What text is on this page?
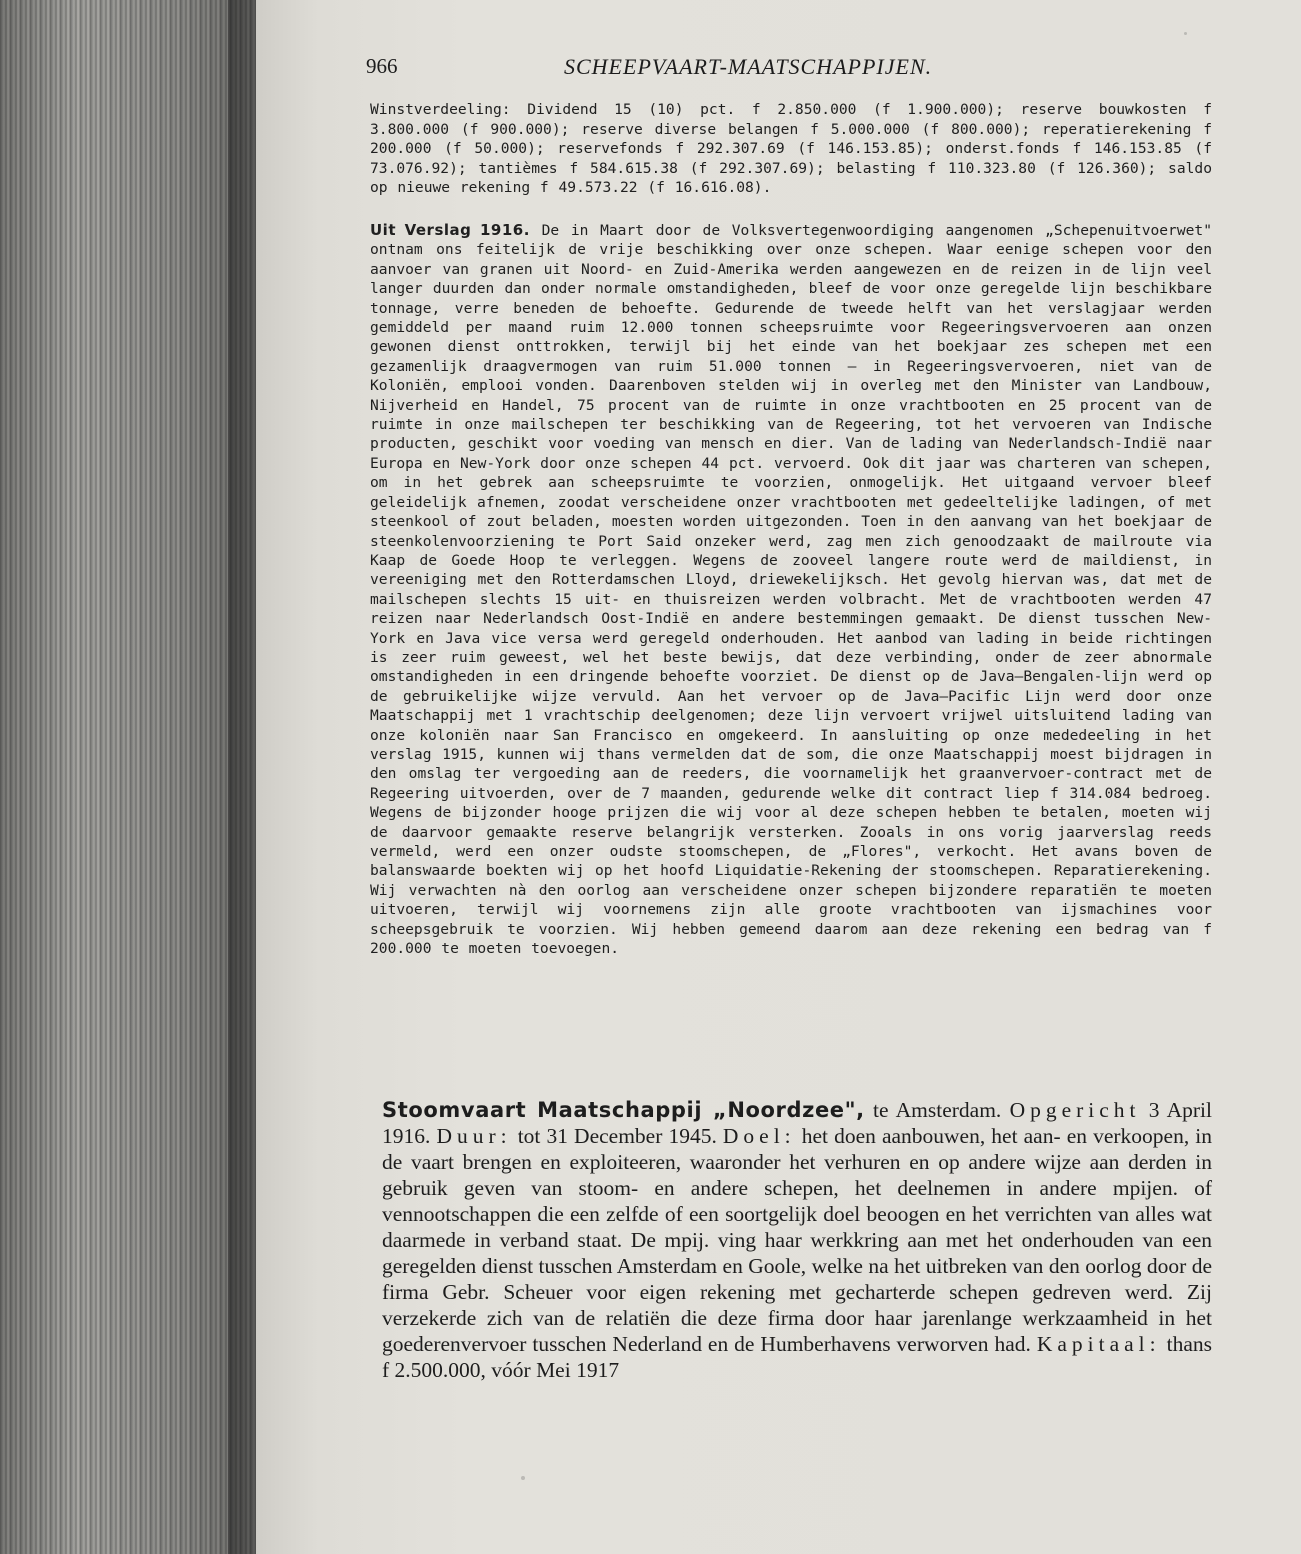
966	SCHEEPVAART-MAATSCHAPPIJEN.
Winstverdeeling: Dividend 15 (10) pct. f 2.850.000 (f 1.900.000); reserve bouwkosten f 3.800.000 (f 900.000); reserve diverse belangen f 5.000.000 (f 800.000); reperatierekening f 200.000 (f 50.000); reservefonds f 292.307.69 (f 146.153.85); onderst.fonds f 146.153.85 (f 73.076.92); tantièmes f 584.615.38 (f 292.307.69); belasting f 110.323.80 (f 126.360); saldo op nieuwe rekening f 49.573.22 (f 16.616.08).
Uit Verslag 1916. De in Maart door de Volksvertegenwoordiging aangenomen „Schepenuitvoerwet" ontnam ons feitelijk de vrije beschikking over onze schepen. Waar eenige schepen voor den aanvoer van granen uit Noord- en Zuid-Amerika werden aangewezen en de reizen in de lijn veel langer duurden dan onder normale omstandigheden, bleef de voor onze geregelde lijn beschikbare tonnage, verre beneden de behoefte. Gedurende de tweede helft van het verslagjaar werden gemiddeld per maand ruim 12.000 tonnen scheepsruimte voor Regeeringsvervoeren aan onzen gewonen dienst onttrokken, terwijl bij het einde van het boekjaar zes schepen met een gezamenlijk draagvermogen van ruim 51.000 tonnen — in Regeeringsvervoeren, niet van de Koloniën, emplooi vonden. Daarenboven stelden wij in overleg met den Minister van Landbouw, Nijverheid en Handel, 75 procent van de ruimte in onze vrachtbooten en 25 procent van de ruimte in onze mailschepen ter beschikking van de Regeering, tot het vervoeren van Indische producten, geschikt voor voeding van mensch en dier. Van de lading van Nederlandsch-Indië naar Europa en New-York door onze schepen 44 pct. vervoerd. Ook dit jaar was charteren van schepen, om in het gebrek aan scheepsruimte te voorzien, onmogelijk. Het uitgaand vervoer bleef geleidelijk afnemen, zoodat verscheidene onzer vrachtbooten met gedeeltelijke ladingen, of met steenkool of zout beladen, moesten worden uitgezonden. Toen in den aanvang van het boekjaar de steenkolenvoorziening te Port Said onzeker werd, zag men zich genoodzaakt de mailroute via Kaap de Goede Hoop te verleggen. Wegens de zooveel langere route werd de maildienst, in vereeniging met den Rotterdamschen Lloyd, driewekelijksch. Het gevolg hiervan was, dat met de mailschepen slechts 15 uit- en thuisreizen werden volbracht. Met de vrachtbooten werden 47 reizen naar Nederlandsch Oost-Indië en andere bestemmingen gemaakt. De dienst tusschen New-York en Java vice versa werd geregeld onderhouden. Het aanbod van lading in beide richtingen is zeer ruim geweest, wel het beste bewijs, dat deze verbinding, onder de zeer abnormale omstandigheden in een dringende behoefte voorziet. De dienst op de Java—Bengalen-lijn werd op de gebruikelijke wijze vervuld. Aan het vervoer op de Java—Pacific Lijn werd door onze Maatschappij met 1 vrachtschip deelgenomen; deze lijn vervoert vrijwel uitsluitend lading van onze koloniën naar San Francisco en omgekeerd. In aansluiting op onze mededeeling in het verslag 1915, kunnen wij thans vermelden dat de som, die onze Maatschappij moest bijdragen in den omslag ter vergoeding aan de reeders, die voornamelijk het graanvervoer-contract met de Regeering uitvoerden, over de 7 maanden, gedurende welke dit contract liep f 314.084 bedroeg. Wegens de bijzonder hooge prijzen die wij voor al deze schepen hebben te betalen, moeten wij de daarvoor gemaakte reserve belangrijk versterken. Zooals in ons vorig jaarverslag reeds vermeld, werd een onzer oudste stoomschepen, de „Flores", verkocht. Het avans boven de balanswaarde boekten wij op het hoofd Liquidatie-Rekening der stoomschepen. Reparatierekening. Wij verwachten nà den oorlog aan verscheidene onzer schepen bijzondere reparatiën te moeten uitvoeren, terwijl wij voornemens zijn alle groote vrachtbooten van ijsmachines voor scheepsgebruik te voorzien. Wij hebben gemeend daarom aan deze rekening een bedrag van f 200.000 te moeten toevoegen.
Stoomvaart Maatschappij „Noordzee", te Amsterdam. Opgericht 3 April 1916. Duur: tot 31 December 1945. Doel: het doen aanbouwen, het aan- en verkoopen, in de vaart brengen en exploiteeren, waaronder het verhuren en op andere wijze aan derden in gebruik geven van stoom- en andere schepen, het deelnemen in andere mpijen. of vennootschappen die een zelfde of een soortgelijk doel beoogen en het verrichten van alles wat daarmede in verband staat. De mpij. ving haar werkkring aan met het onderhouden van een geregelden dienst tusschen Amsterdam en Goole, welke na het uitbreken van den oorlog door de firma Gebr. Scheuer voor eigen rekening met gecharterde schepen gedreven werd. Zij verzekerde zich van de relatiën die deze firma door haar jarenlange werkzaamheid in het goederenvervoer tusschen Nederland en de Humberhavens verworven had. Kapitaal: thans f 2.500.000, vóór Mei 1917
